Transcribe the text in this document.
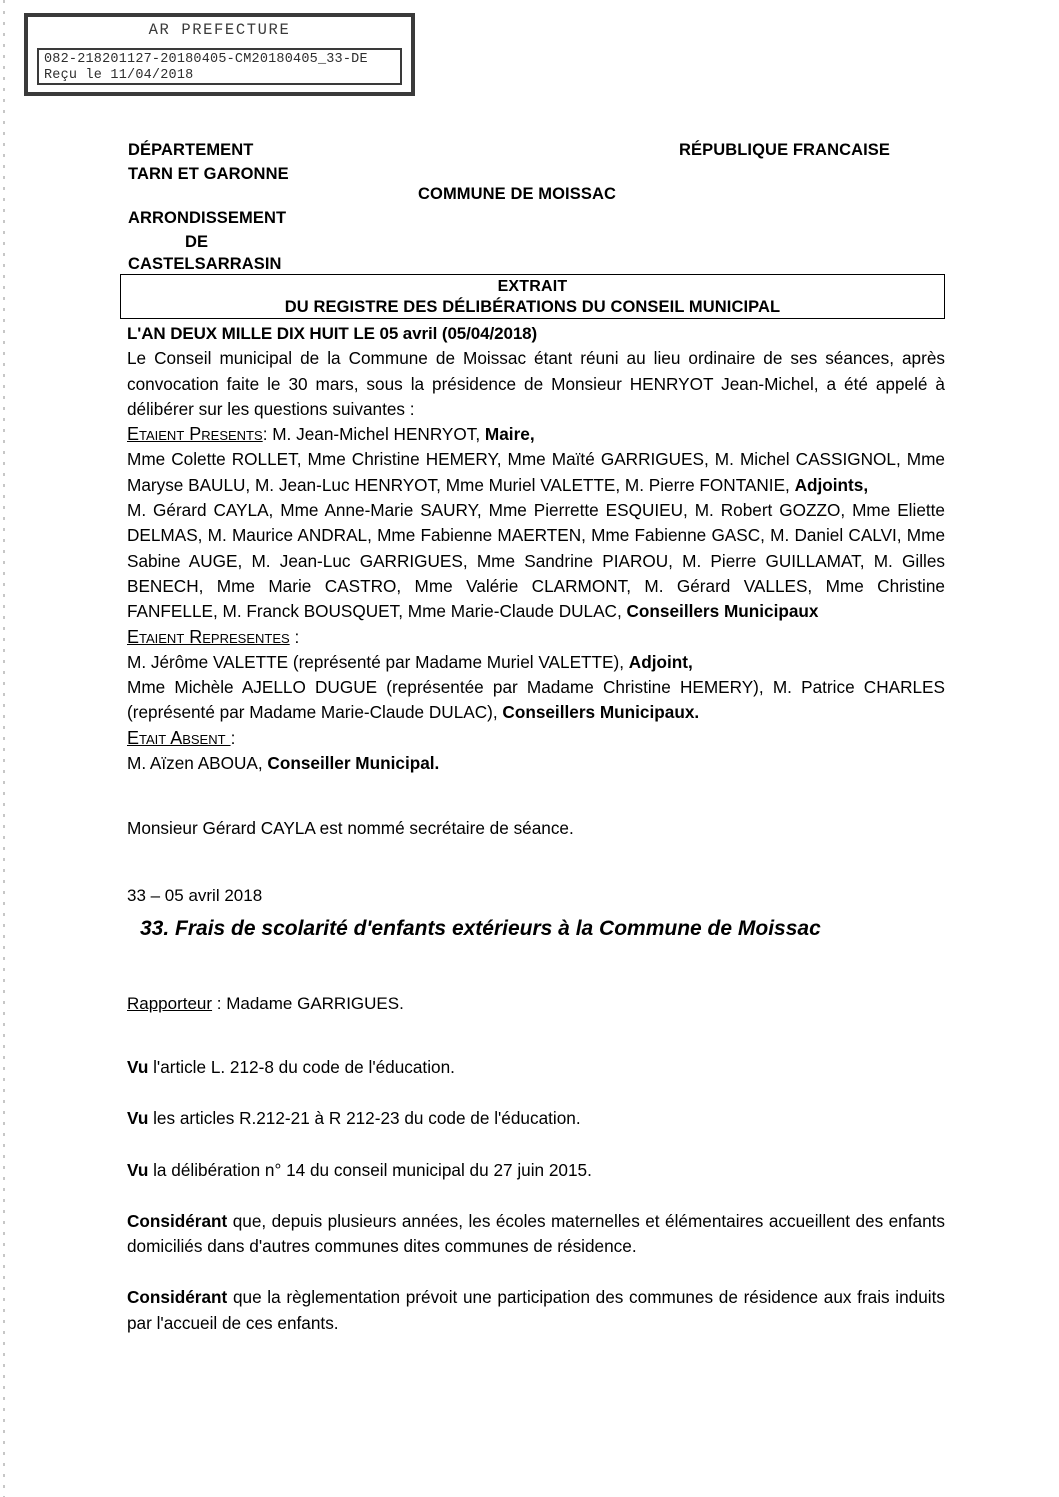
AR PREFECTURE
082-218201127-20180405-CM20180405_33-DE
Reçu le 11/04/2018
DÉPARTEMENT
TARN ET GARONNE
RÉPUBLIQUE FRANCAISE
COMMUNE DE MOISSAC
ARRONDISSEMENT
DE
CASTELSARRASIN
EXTRAIT
DU REGISTRE DES DÉLIBÉRATIONS DU CONSEIL MUNICIPAL

L'AN DEUX MILLE DIX HUIT LE 05 avril (05/04/2018)

Le Conseil municipal de la Commune de Moissac étant réuni au lieu ordinaire de ses séances, après convocation faite le 30 mars, sous la présidence de Monsieur HENRYOT Jean-Michel, a été appelé à délibérer sur les questions suivantes :

Etaient Presents: M. Jean-Michel HENRYOT, Maire,

Mme Colette ROLLET, Mme Christine HEMERY, Mme Maïté GARRIGUES, M. Michel CASSIGNOL, Mme Maryse BAULU, M. Jean-Luc HENRYOT, Mme Muriel VALETTE, M. Pierre FONTANIE, Adjoints,

M. Gérard CAYLA, Mme Anne-Marie SAURY, Mme Pierrette ESQUIEU, M. Robert GOZZO, Mme Eliette DELMAS, M. Maurice ANDRAL, Mme Fabienne MAERTEN, Mme Fabienne GASC, M. Daniel CALVI, Mme Sabine AUGE, M. Jean-Luc GARRIGUES, Mme Sandrine PIAROU, M. Pierre GUILLAMAT, M. Gilles BENECH, Mme Marie CASTRO, Mme Valérie CLARMONT, M. Gérard VALLES, Mme Christine FANFELLE, M. Franck BOUSQUET, Mme Marie-Claude DULAC, Conseillers Municipaux

Etaient Representes :

M. Jérôme VALETTE (représenté par Madame Muriel VALETTE), Adjoint,

Mme Michèle AJELLO DUGUE (représentée par Madame Christine HEMERY), M. Patrice CHARLES (représenté par Madame Marie-Claude DULAC), Conseillers Municipaux.

Etait Absent :

M. Aïzen ABOUA, Conseiller Municipal.

Monsieur Gérard CAYLA est nommé secrétaire de séance.
33 – 05 avril 2018
33. Frais de scolarité d'enfants extérieurs à la Commune de Moissac
Rapporteur : Madame GARRIGUES.

Vu l'article L. 212-8 du code de l'éducation.

Vu les articles R.212-21 à R 212-23 du code de l'éducation.

Vu la délibération n° 14 du conseil municipal du 27 juin 2015.

Considérant que, depuis plusieurs années, les écoles maternelles et élémentaires accueillent des enfants domiciliés dans d'autres communes dites communes de résidence.

Considérant que la règlementation prévoit une participation des communes de résidence aux frais induits par l'accueil de ces enfants.
